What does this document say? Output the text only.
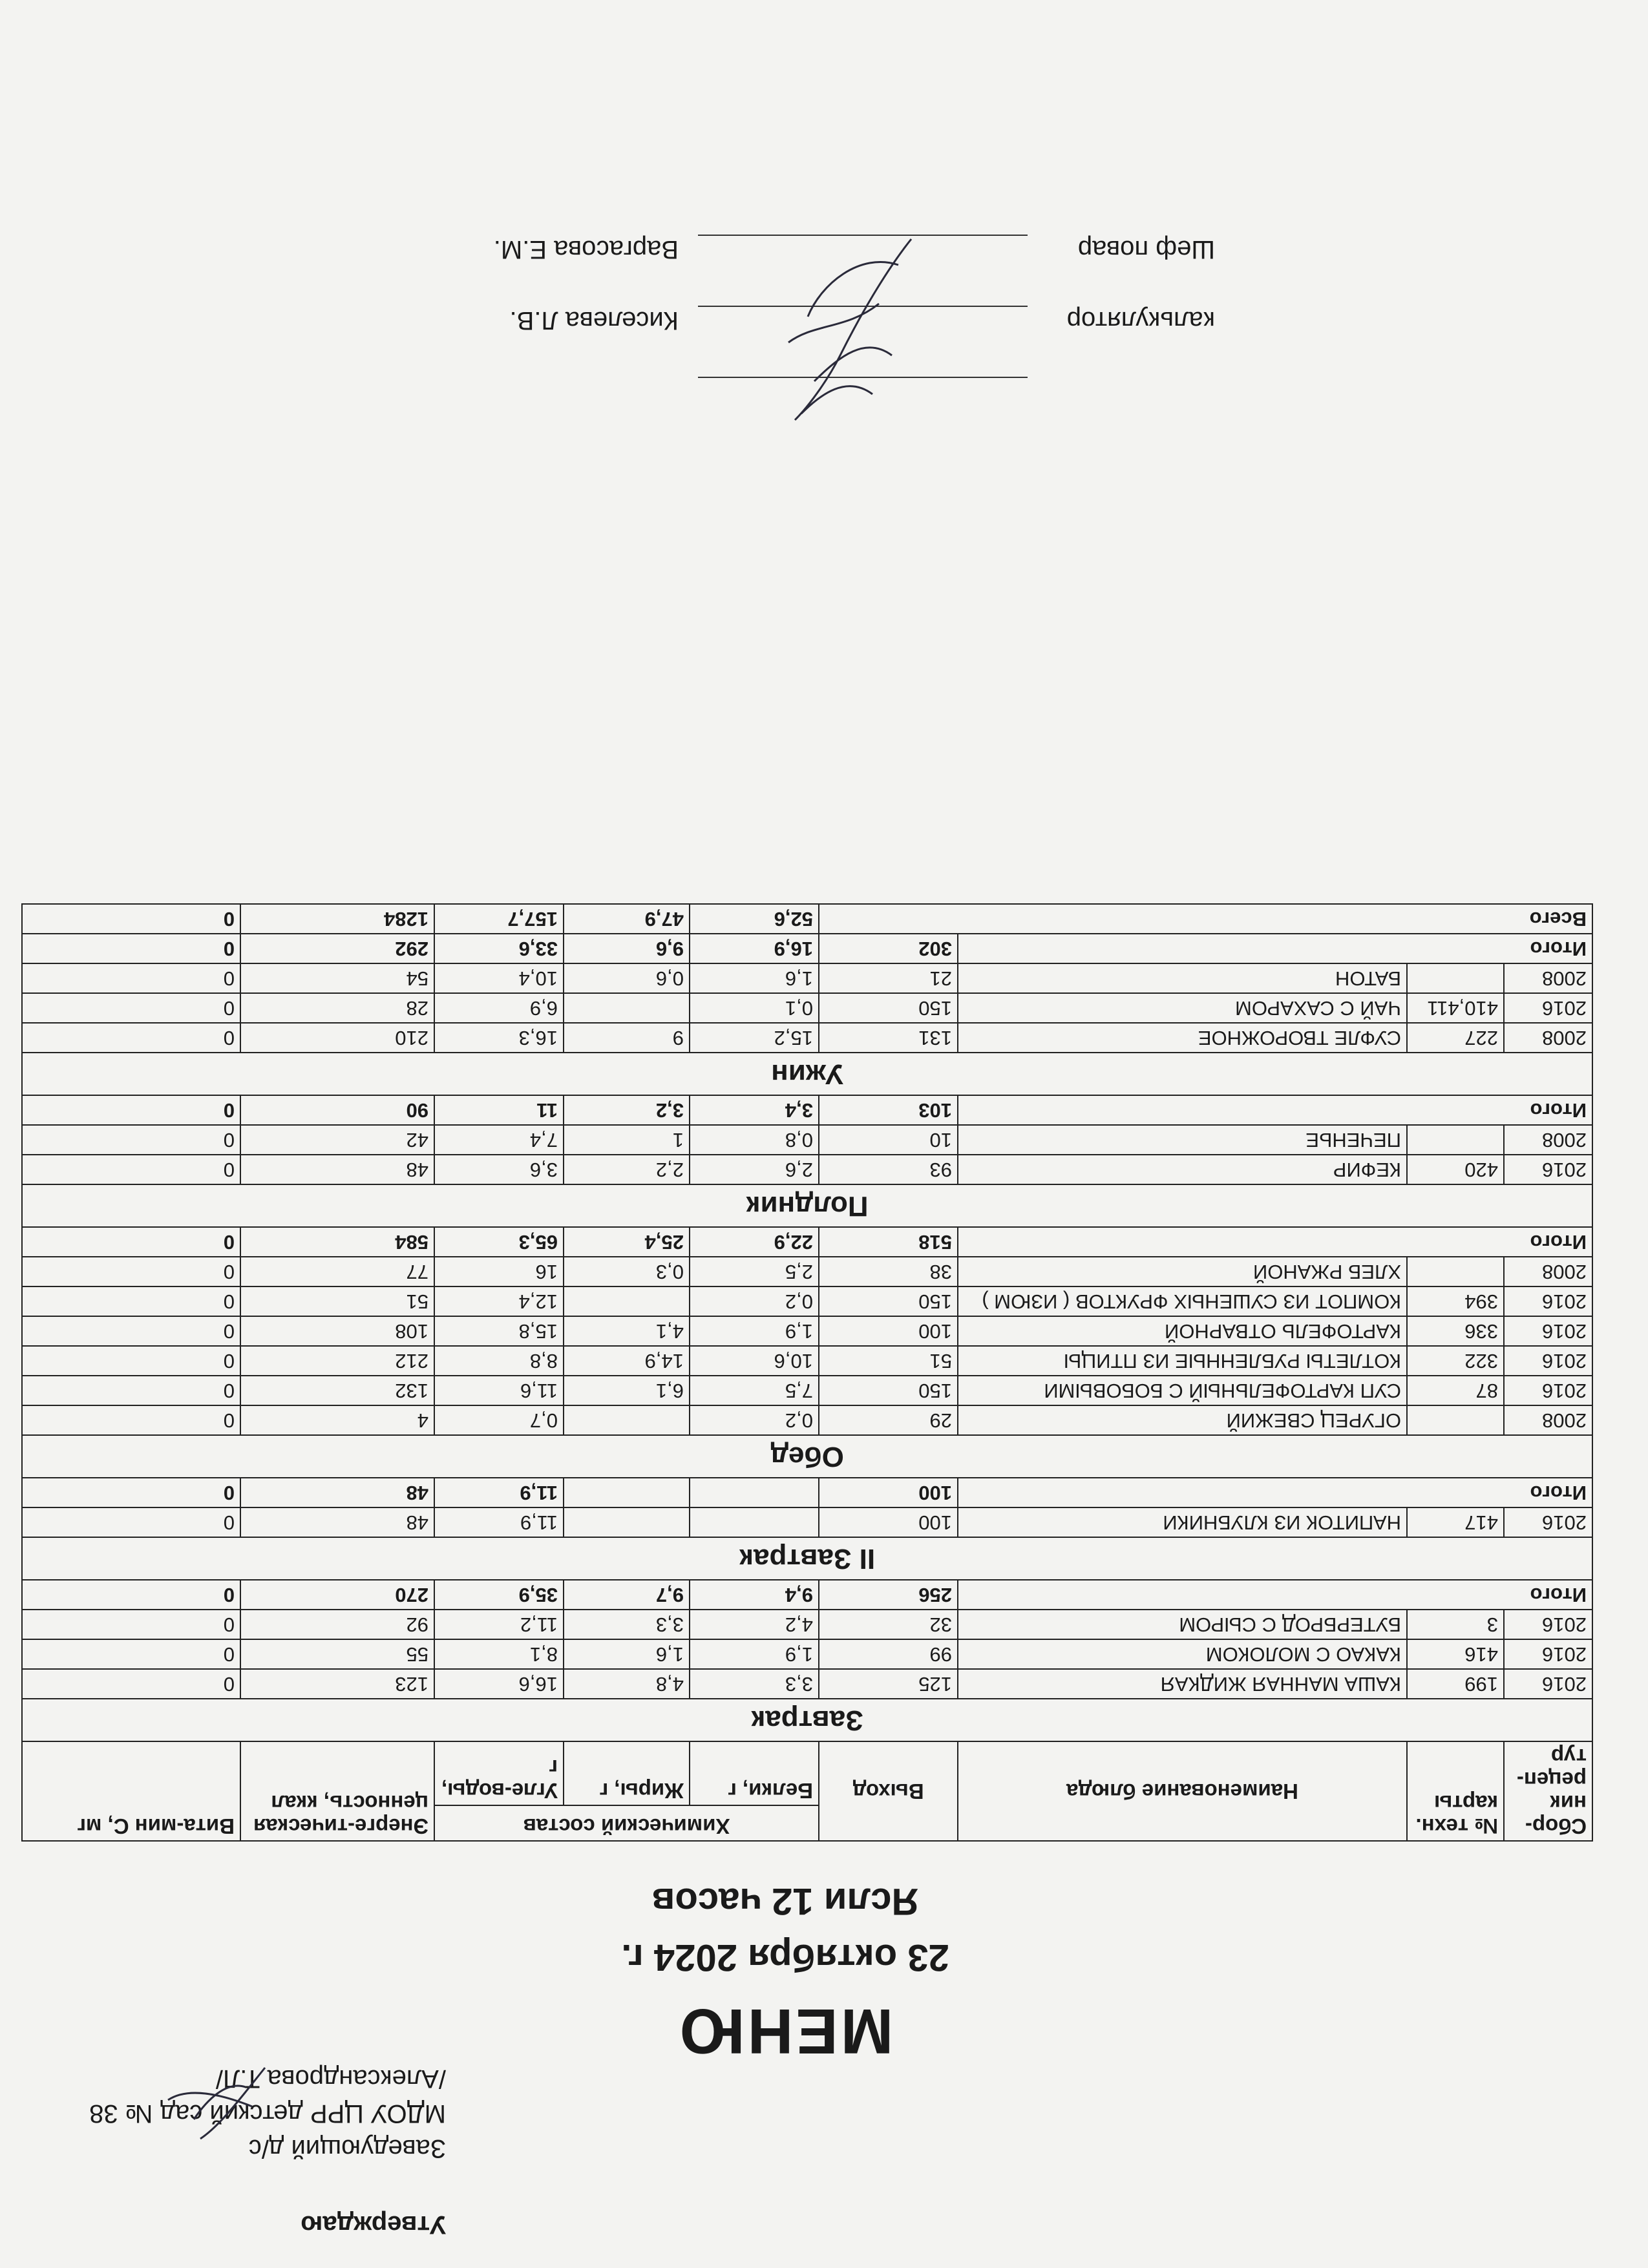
Утверждаю
Заведующий д/с
МДОУ ЦРР детский сад № 38
/Александрова Т.Л/
МЕНЮ
23 октября 2024 г.
Ясли 12 часов
Сбор-ник рецеп-тур	№ техн. карты	Наименование блюда	Выход	Химический состав			Энерге-тическая ценность, ккал	Вита-мин С, мг
				Белки, г	Жиры, г	Угле-воды, г		
Завтрак								
2016	199	КАША МАННАЯ ЖИДКАЯ	125	3,3	4,8	16,6	123	0
2016	416	КАКАО С МОЛОКОМ	99	1,9	1,6	8,1	55	0
2016	3	БУТЕРБРОД С СЫРОМ	32	4,2	3,3	11,2	92	0
Итого			256	9,4	9,7	35,9	270	0
II Завтрак								
2016	417	НАПИТОК ИЗ КЛУБНИКИ	100			11,9	48	0
Итого			100			11,9	48	0
Обед								
2008		ОГУРЕЦ СВЕЖИЙ	29	0,2		0,7	4	0
2016	87	СУП КАРТОФЕЛЬНЫЙ С БОБОВЫМИ	150	7,5	6,1	11,6	132	0
2016	322	КОТЛЕТЫ РУБЛЕННЫЕ ИЗ ПТИЦЫ	51	10,6	14,9	8,8	212	0
2016	336	КАРТОФЕЛЬ ОТВАРНОЙ	100	1,9	4,1	15,8	108	0
2016	394	КОМПОТ ИЗ СУШЕНЫХ ФРУКТОВ ( ИЗЮМ )	150	0,2		12,4	51	0
2008		ХЛЕБ РЖАНОЙ	38	2,5	0,3	16	77	0
Итого			518	22,9	25,4	65,3	584	0
Полдник								
2016	420	КЕФИР	93	2,6	2,2	3,6	48	0
2008		ПЕЧЕНЬЕ	10	0,8	1	7,4	42	0
Итого			103	3,4	3,2	11	90	0
Ужин								
2008	227	СУФЛЕ ТВОРОЖНОЕ	131	15,2	9	16,3	210	0
2016	410,411	ЧАЙ С САХАРОМ	150	0,1		6,9	28	0
2008		БАТОН	21	1,6	0,6	10,4	54	0
Итого			302	16,9	9,6	33,6	292	0
Всего				52,6	47,9	157,7	1284	0
калькулятор
Киселева Л.В.
Шеф повар
Варгасова Е.М.
